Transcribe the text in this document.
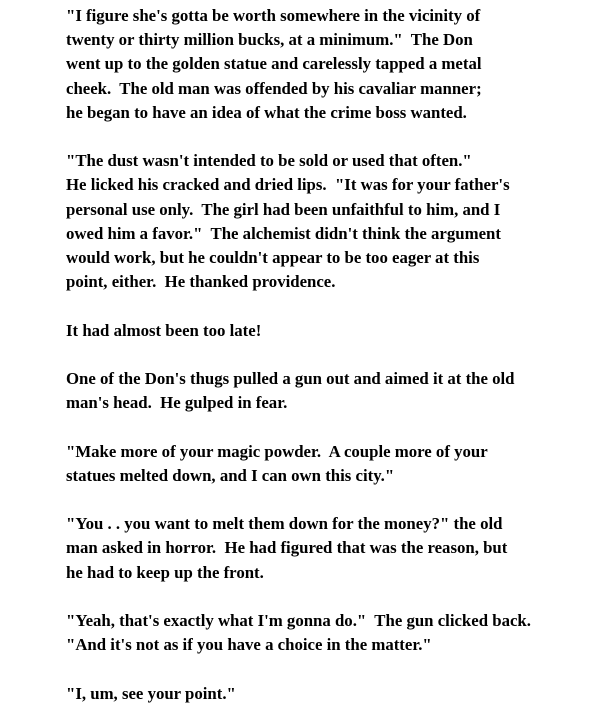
"I figure she's gotta be worth somewhere in the vicinity of
twenty or thirty million bucks, at a minimum."  The Don
went up to the golden statue and carelessly tapped a metal
cheek.  The old man was offended by his cavaliar manner;
he began to have an idea of what the crime boss wanted.
"The dust wasn't intended to be sold or used that often."
He licked his cracked and dried lips.  "It was for your father's
personal use only.  The girl had been unfaithful to him, and I
owed him a favor."  The alchemist didn't think the argument
would work, but he couldn't appear to be too eager at this
point, either.  He thanked providence.
It had almost been too late!
One of the Don's thugs pulled a gun out and aimed it at the old
man's head.  He gulped in fear.
"Make more of your magic powder.  A couple more of your
statues melted down, and I can own this city."
"You . . you want to melt them down for the money?" the old
man asked in horror.  He had figured that was the reason, but
he had to keep up the front.
"Yeah, that's exactly what I'm gonna do."  The gun clicked back.
"And it's not as if you have a choice in the matter."
"I, um, see your point."
